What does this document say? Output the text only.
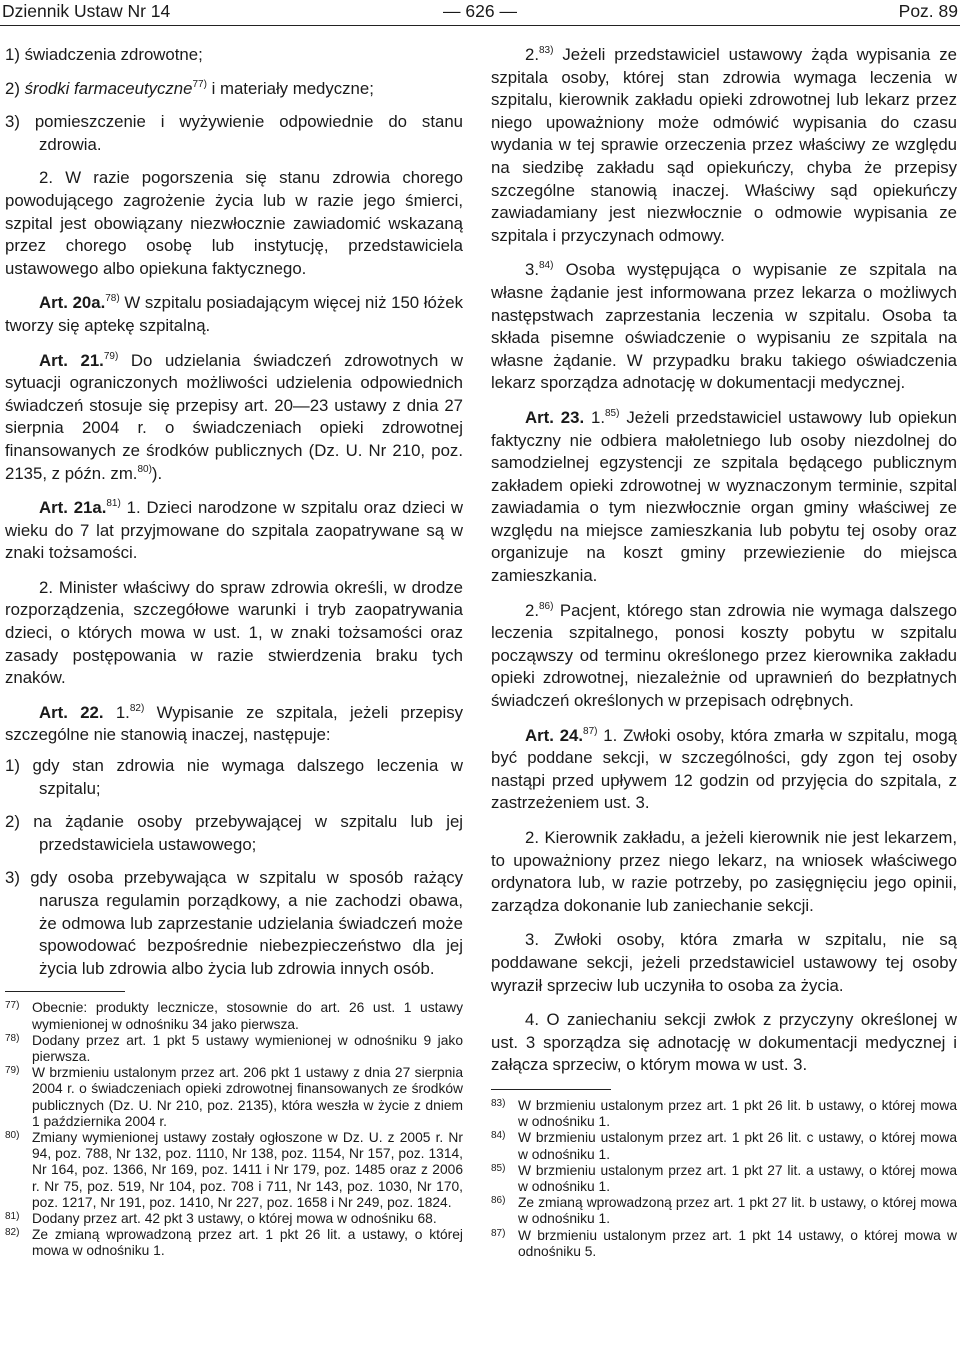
Dziennik Ustaw Nr 14	— 626 —	Poz. 89

1) świadczenia zdrowotne;

2) środki farmaceutyczne$^{77)}$ i materiały medyczne;

3) pomieszczenie i wyżywienie odpowiednie do stanu zdrowia.

2. W razie pogorszenia się stanu zdrowia chorego powodującego zagrożenie życia lub w razie jego śmierci, szpital jest obowiązany niezwłocznie zawiadomić wskazaną przez chorego osobę lub instytucję, przedstawiciela ustawowego albo opiekuna faktycznego.

Art. 20a.$^{78)}$ W szpitalu posiadającym więcej niż 150 łóżek tworzy się aptekę szpitalną.

Art. 21.$^{79)}$ Do udzielania świadczeń zdrowotnych w sytuacji ograniczonych możliwości udzielenia odpowiednich świadczeń stosuje się przepisy art. 20—23 ustawy z dnia 27 sierpnia 2004 r. o świadczeniach opieki zdrowotnej finansowanych ze środków publicznych (Dz. U. Nr 210, poz. 2135, z późn. zm.$^{80)}$).

Art. 21a.$^{81)}$ 1. Dzieci narodzone w szpitalu oraz dzieci w wieku do 7 lat przyjmowane do szpitala zaopatrywane są w znaki tożsamości.

2. Minister właściwy do spraw zdrowia określi, w drodze rozporządzenia, szczegółowe warunki i tryb zaopatrywania dzieci, o których mowa w ust. 1, w znaki tożsamości oraz zasady postępowania w razie stwierdzenia braku tych znaków.

Art. 22. 1.$^{82)}$ Wypisanie ze szpitala, jeżeli przepisy szczególne nie stanowią inaczej, następuje:

1) gdy stan zdrowia nie wymaga dalszego leczenia w szpitalu;

2) na żądanie osoby przebywającej w szpitalu lub jej przedstawiciela ustawowego;

3) gdy osoba przebywająca w szpitalu w sposób rażący narusza regulamin porządkowy, a nie zachodzi obawa, że odmowa lub zaprzestanie udzielania świadczeń może spowodować bezpośrednie niebezpieczeństwo dla jej życia lub zdrowia albo życia lub zdrowia innych osób.

77) Obecnie: produkty lecznicze, stosownie do art. 26 ust. 1 ustawy wymienionej w odnośniku 34 jako pierwsza.
78) Dodany przez art. 1 pkt 5 ustawy wymienionej w odnośniku 9 jako pierwsza.
79) W brzmieniu ustalonym przez art. 206 pkt 1 ustawy z dnia 27 sierpnia 2004 r. o świadczeniach opieki zdrowotnej finansowanych ze środków publicznych (Dz. U. Nr 210, poz. 2135), która weszła w życie z dniem 1 października 2004 r.
80) Zmiany wymienionej ustawy zostały ogłoszone w Dz. U. z 2005 r. Nr 94, poz. 788, Nr 132, poz. 1110, Nr 138, poz. 1154, Nr 157, poz. 1314, Nr 164, poz. 1366, Nr 169, poz. 1411 i Nr 179, poz. 1485 oraz z 2006 r. Nr 75, poz. 519, Nr 104, poz. 708 i 711, Nr 143, poz. 1030, Nr 170, poz. 1217, Nr 191, poz. 1410, Nr 227, poz. 1658 i Nr 249, poz. 1824.
81) Dodany przez art. 42 pkt 3 ustawy, o której mowa w odnośniku 68.
82) Ze zmianą wprowadzoną przez art. 1 pkt 26 lit. a ustawy, o której mowa w odnośniku 1.

2.$^{83)}$ Jeżeli przedstawiciel ustawowy żąda wypisania ze szpitala osoby, której stan zdrowia wymaga leczenia w szpitalu, kierownik zakładu opieki zdrowotnej lub lekarz przez niego upoważniony może odmówić wypisania do czasu wydania w tej sprawie orzeczenia przez właściwy ze względu na siedzibę zakładu sąd opiekuńczy, chyba że przepisy szczególne stanowią inaczej. Właściwy sąd opiekuńczy zawiadamiany jest niezwłocznie o odmowie wypisania ze szpitala i przyczynach odmowy.

3.$^{84)}$ Osoba występująca o wypisanie ze szpitala na własne żądanie jest informowana przez lekarza o możliwych następstwach zaprzestania leczenia w szpitalu. Osoba ta składa pisemne oświadczenie o wypisaniu ze szpitala na własne żądanie. W przypadku braku takiego oświadczenia lekarz sporządza adnotację w dokumentacji medycznej.

Art. 23. 1.$^{85)}$ Jeżeli przedstawiciel ustawowy lub opiekun faktyczny nie odbiera małoletniego lub osoby niezdolnej do samodzielnej egzystencji ze szpitala będącego publicznym zakładem opieki zdrowotnej w wyznaczonym terminie, szpital zawiadamia o tym niezwłocznie organ gminy właściwej ze względu na miejsce zamieszkania lub pobytu tej osoby oraz organizuje na koszt gminy przewiezienie do miejsca zamieszkania.

2.$^{86)}$ Pacjent, którego stan zdrowia nie wymaga dalszego leczenia szpitalnego, ponosi koszty pobytu w szpitalu począwszy od terminu określonego przez kierownika zakładu opieki zdrowotnej, niezależnie od uprawnień do bezpłatnych świadczeń określonych w przepisach odrębnych.

Art. 24.$^{87)}$ 1. Zwłoki osoby, która zmarła w szpitalu, mogą być poddane sekcji, w szczególności, gdy zgon tej osoby nastąpi przed upływem 12 godzin od przyjęcia do szpitala, z zastrzeżeniem ust. 3.

2. Kierownik zakładu, a jeżeli kierownik nie jest lekarzem, to upoważniony przez niego lekarz, na wniosek właściwego ordynatora lub, w razie potrzeby, po zasięgnięciu jego opinii, zarządza dokonanie lub zaniechanie sekcji.

3. Zwłoki osoby, która zmarła w szpitalu, nie są poddawane sekcji, jeżeli przedstawiciel ustawowy tej osoby wyraził sprzeciw lub uczyniła to osoba za życia.

4. O zaniechaniu sekcji zwłok z przyczyny określonej w ust. 3 sporządza się adnotację w dokumentacji medycznej i załącza sprzeciw, o którym mowa w ust. 3.

83) W brzmieniu ustalonym przez art. 1 pkt 26 lit. b ustawy, o której mowa w odnośniku 1.
84) W brzmieniu ustalonym przez art. 1 pkt 26 lit. c ustawy, o której mowa w odnośniku 1.
85) W brzmieniu ustalonym przez art. 1 pkt 27 lit. a ustawy, o której mowa w odnośniku 1.
86) Ze zmianą wprowadzoną przez art. 1 pkt 27 lit. b ustawy, o której mowa w odnośniku 1.
87) W brzmieniu ustalonym przez art. 1 pkt 14 ustawy, o której mowa w odnośniku 5.
